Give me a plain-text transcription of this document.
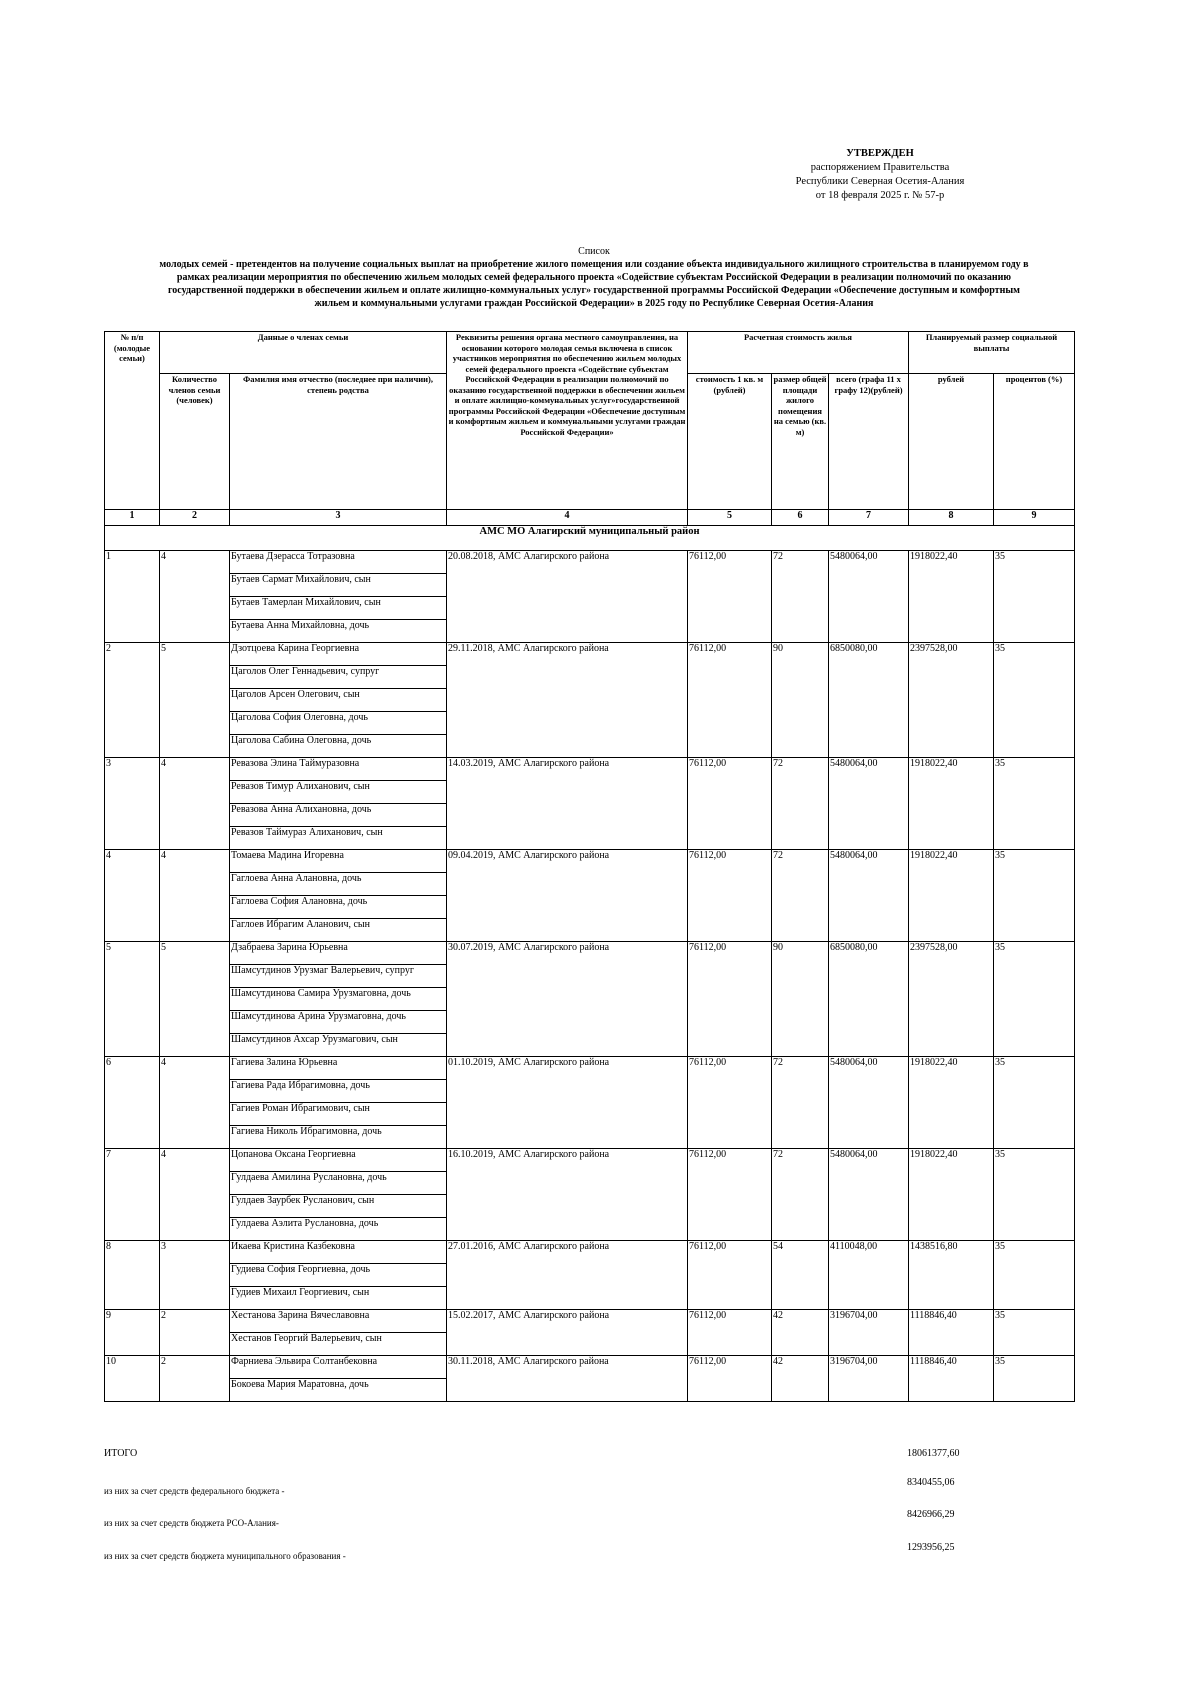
УТВЕРЖДЕН
распоряжением Правительства
Республики Северная Осетия-Алания
от 18 февраля 2025 г. № 57-р
Список
молодых семей - претендентов на получение социальных выплат на приобретение жилого помещения или создание объекта индивидуального жилищного строительства в планируемом году в
рамках реализации мероприятия по обеспечению жильем молодых семей федерального проекта «Содействие субъектам Российской Федерации в реализации полномочий по оказанию
государственной поддержки в обеспечении жильем и оплате жилищно-коммунальных услуг» государственной программы Российской Федерации «Обеспечение доступным и комфортным
жильем и коммунальными услугами граждан Российской Федерации» в 2025 году по Республике Северная Осетия-Алания
№ п/п (молодые семьи)	Данные о членах семьи		Реквизиты решения органа местного самоуправления, на основании которого молодая семья включена в список участников мероприятия по обеспечению жильем молодых семей федерального проекта «Содействие субъектам Российской Федерации в реализации полномочий по оказанию государственной поддержки в обеспечении жильем и оплате жилищно-коммунальных услуг»государственной программы Российской Федерации «Обеспечение доступным и комфортным жильем и коммунальными услугами граждан Российской Федерации»	Расчетная стоимость жилья			Планируемый размер социальной выплаты	
	Количество членов семьи (человек)	Фамилия имя отчество (последнее при наличии), степень родства		стоимость 1 кв. м (рублей)	размер общей площади жилого помещения на семью (кв. м)	всего (графа 11 х графу 12)(рублей)	рублей	процентов (%)
1	2	3	4	5	6	7	8	9
АМС МО Алагирский муниципальный район								
1	4	Бутаева Дзерасса Тотразовна	20.08.2018, АМС Алагирского района	76112,00	72	5480064,00	1918022,40	35
		Бутаев Сармат Михайлович, сын						
		Бутаев Тамерлан Михайлович, сын						
		Бутаева Анна Михайловна, дочь						
2	5	Дзотцоева Карина Георгиевна	29.11.2018, АМС Алагирского района	76112,00	90	6850080,00	2397528,00	35
		Цаголов Олег Геннадьевич, супруг						
		Цаголов Арсен Олегович, сын						
		Цаголова София Олеговна, дочь						
		Цаголова Сабина Олеговна, дочь						
3	4	Ревазова Элина Таймуразовна	14.03.2019, АМС Алагирского района	76112,00	72	5480064,00	1918022,40	35
		Ревазов Тимур Алиханович, сын						
		Ревазова Анна Алихановна, дочь						
		Ревазов Таймураз Алиханович, сын						
4	4	Томаева Мадина Игоревна	09.04.2019, АМС Алагирского района	76112,00	72	5480064,00	1918022,40	35
		Гаглоева Анна Алановна, дочь						
		Гаглоева София Алановна, дочь						
		Гаглоев Ибрагим Аланович, сын						
5	5	Дзабраева Зарина Юрьевна	30.07.2019, АМС Алагирского района	76112,00	90	6850080,00	2397528,00	35
		Шамсутдинов Урузмаг Валерьевич, супруг						
		Шамсутдинова Самира Урузмаговна, дочь						
		Шамсутдинова Арина Урузмаговна, дочь						
		Шамсутдинов Ахсар Урузмагович, сын						
6	4	Гагиева Залина Юрьевна	01.10.2019, АМС Алагирского района	76112,00	72	5480064,00	1918022,40	35
		Гагиева Рада Ибрагимовна, дочь						
		Гагиев Роман Ибрагимович, сын						
		Гагиева Николь Ибрагимовна, дочь						
7	4	Цопанова Оксана Георгиевна	16.10.2019, АМС Алагирского района	76112,00	72	5480064,00	1918022,40	35
		Гулдаева Амилина Руслановна, дочь						
		Гулдаев Заурбек Русланович, сын						
		Гулдаева Аэлита Руслановна, дочь						
8	3	Икаева Кристина Казбековна	27.01.2016, АМС Алагирского района	76112,00	54	4110048,00	1438516,80	35
		Гудиева София Георгиевна, дочь						
		Гудиев Михаил Георгиевич, сын						
9	2	Хестанова Зарина Вячеславовна	15.02.2017, АМС Алагирского района	76112,00	42	3196704,00	1118846,40	35
		Хестанов Георгий Валерьевич, сын						
10	2	Фарниева Эльвира Солтанбековна	30.11.2018, АМС Алагирского района	76112,00	42	3196704,00	1118846,40	35
		Бокоева Мария Маратовна, дочь						
ИТОГО	18061377,60
из них за счет средств федерального бюджета -
8340455,06
из них за счет средств бюджета РСО-Алания-
8426966,29
из них за счет средств бюджета муниципального образования -
1293956,25
